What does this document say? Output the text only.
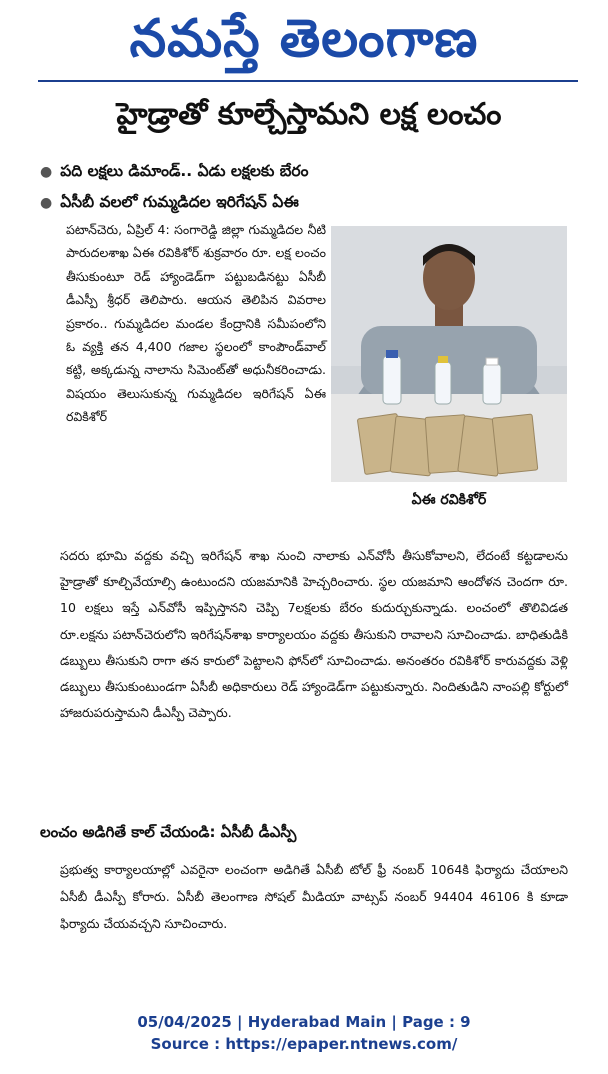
నమస్తే తెలంగాణ
హైడ్రాతో కూల్చేస్తామని లక్ష లంచం
● పది లక్షలు డిమాండ్.. ఏడు లక్షలకు బేరం
● ఏసీబీ వలలో గుమ్మడిదల ఇరిగేషన్ ఏఈ
పటాన్‌చెరు, ఏప్రిల్ 4: సంగారెడ్డి జిల్లా గుమ్మడిదల నీటి పారుదలశాఖ ఏఈ రవికిశోర్ శుక్రవారం రూ. లక్ష లంచం తీసుకుంటూ రెడ్ హ్యాండెడ్‌గా పట్టుబడినట్టు ఏసీబీ డీఎస్పీ శ్రీధర్ తెలిపారు. ఆయన తెలిపిన వివరాల ప్రకారం.. గుమ్మడిదల మండల కేంద్రానికి సమీపంలోని ఓ వ్యక్తి తన 4,400 గజాల స్థలంలో కాంపౌండ్‌వాల్ కట్టి, అక్కడున్న నాలాను సిమెంట్‌తో అధునీకరించాడు. విషయం తెలుసుకున్న గుమ్మడిదల ఇరిగేషన్ ఏఈ రవికిశోర్
ఏఈ రవికిశోర్
సదరు భూమి వద్దకు వచ్చి ఇరిగేషన్ శాఖ నుంచి నాలాకు ఎన్‌వోసీ తీసుకోవాలని, లేదంటే కట్టడాలను హైడ్రాతో కూల్చివేయాల్సి ఉంటుందని యజమానికి హెచ్చరించారు. స్థల యజమాని ఆందోళన చెందగా రూ. 10 లక్షలు ఇస్తే ఎన్‌వోసీ ఇప్పిస్తానని చెప్పి 7లక్షలకు బేరం కుదుర్చుకున్నాడు. లంచంలో తొలివిడత రూ.లక్షను పటాన్‌చెరులోని ఇరిగేషన్‌శాఖ కార్యాలయం వద్దకు తీసుకుని రావాలని సూచించాడు. బాధితుడికి డబ్బులు తీసుకుని రాగా తన కారులో పెట్టాలని ఫోన్‌లో సూచించాడు. అనంతరం రవికిశోర్ కారువద్దకు వెళ్లి డబ్బులు తీసుకుంటుండగా ఏసీబీ అధికారులు రెడ్ హ్యాండెడ్‌గా పట్టుకున్నారు. నిందితుడిని నాంపల్లి కోర్టులో హాజరుపరుస్తామని డీఎస్పీ చెప్పారు.
లంచం అడిగితే కాల్ చేయండి: ఏసీబీ డీఎస్పీ
ప్రభుత్వ కార్యాలయాల్లో ఎవరైనా లంచంగా అడిగితే ఏసీబీ టోల్ ఫ్రీ నంబర్ 1064కి ఫిర్యాదు చేయాలని ఏసీబీ డీఎస్పీ కోరారు. ఏసీబీ తెలంగాణ సోషల్ మీడియా వాట్సప్ నంబర్ 94404 46106 కి కూడా ఫిర్యాదు చేయవచ్చని సూచించారు.
05/04/2025 | Hyderabad Main | Page : 9
Source : https://epaper.ntnews.com/
